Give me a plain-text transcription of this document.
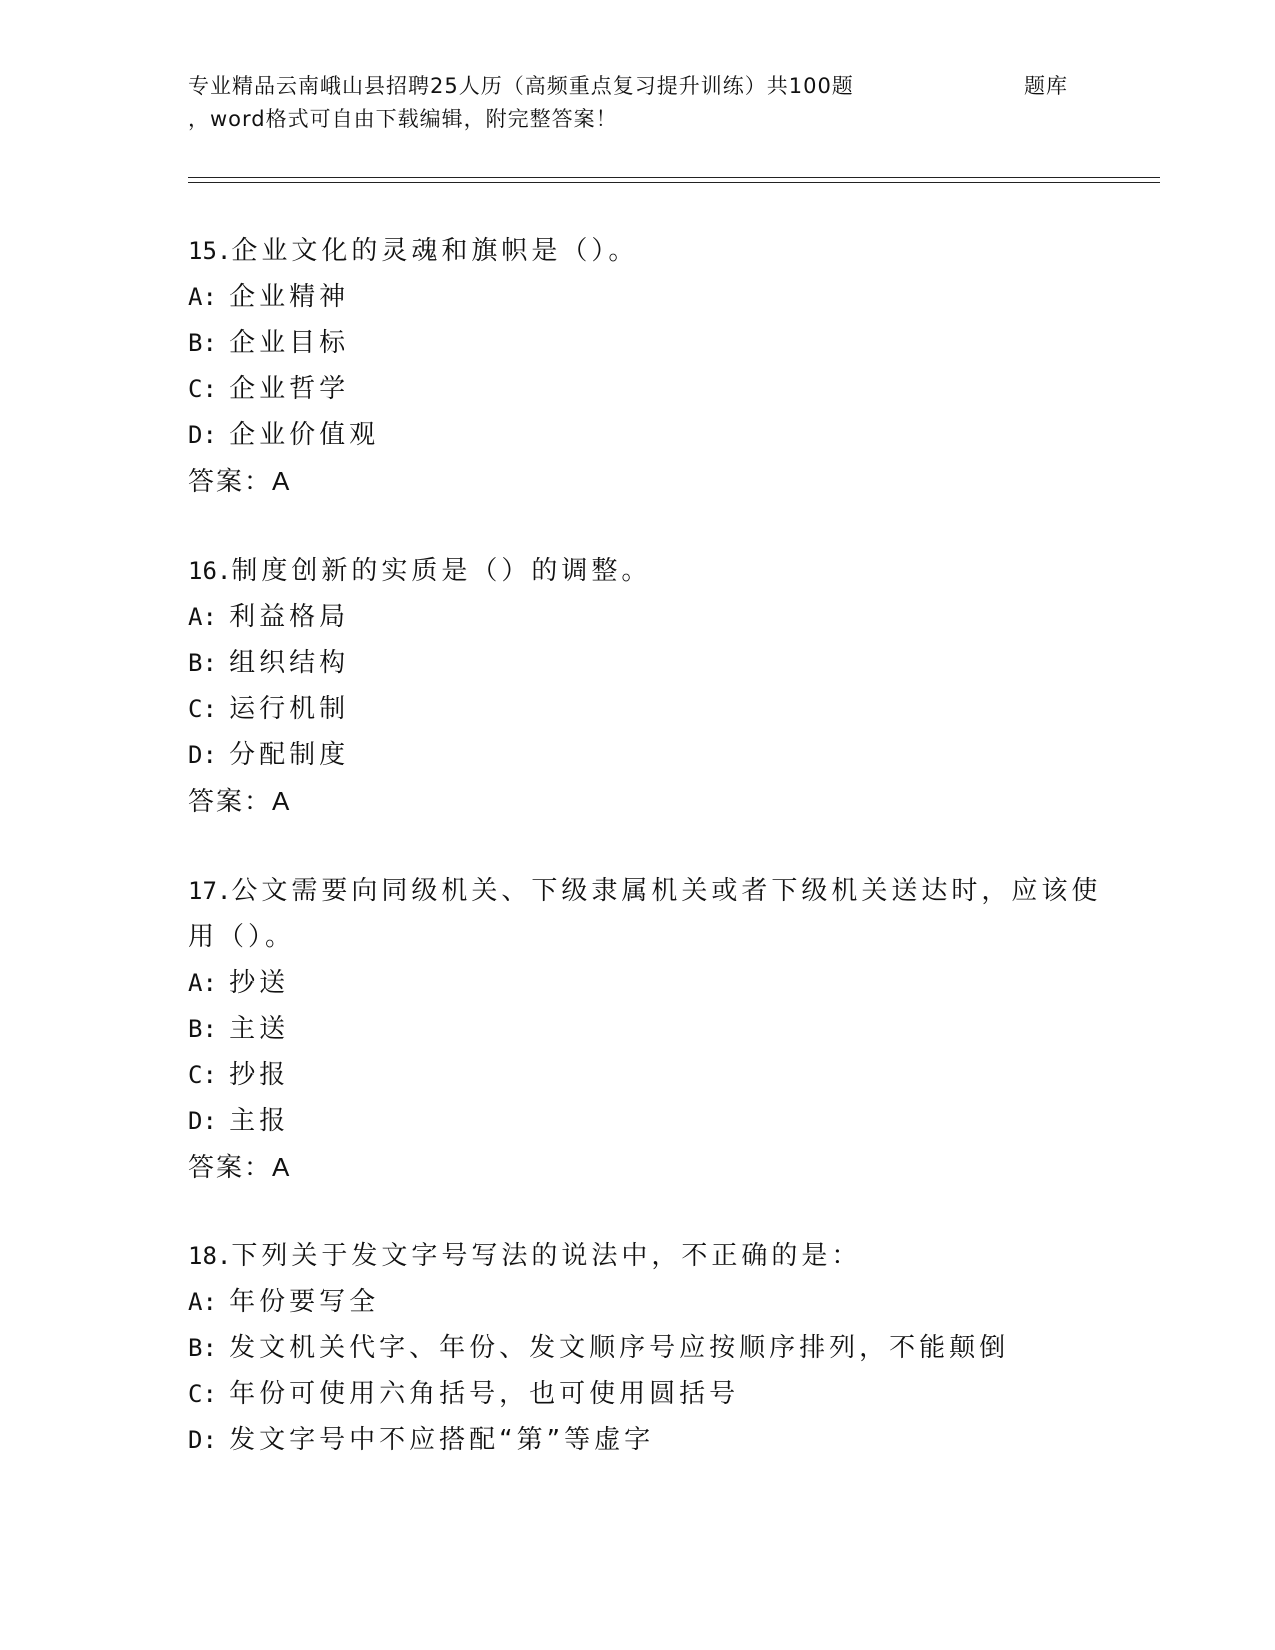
专业精品云南峨山县招聘25人历（高频重点复习提升训练）共100题	题库
，word格式可自由下载编辑，附完整答案！
15.企业文化的灵魂和旗帜是（）。
A: 企业精神
B: 企业目标
C: 企业哲学
D: 企业价值观
答案：A
16.制度创新的实质是（）的调整。
A: 利益格局
B: 组织结构
C: 运行机制
D: 分配制度
答案：A
17.公文需要向同级机关、下级隶属机关或者下级机关送达时，应该使
用（）。
A: 抄送
B: 主送
C: 抄报
D: 主报
答案：A
18.下列关于发文字号写法的说法中，不正确的是：
A: 年份要写全
B: 发文机关代字、年份、发文顺序号应按顺序排列，不能颠倒
C: 年份可使用六角括号，也可使用圆括号
D: 发文字号中不应搭配“第”等虚字
